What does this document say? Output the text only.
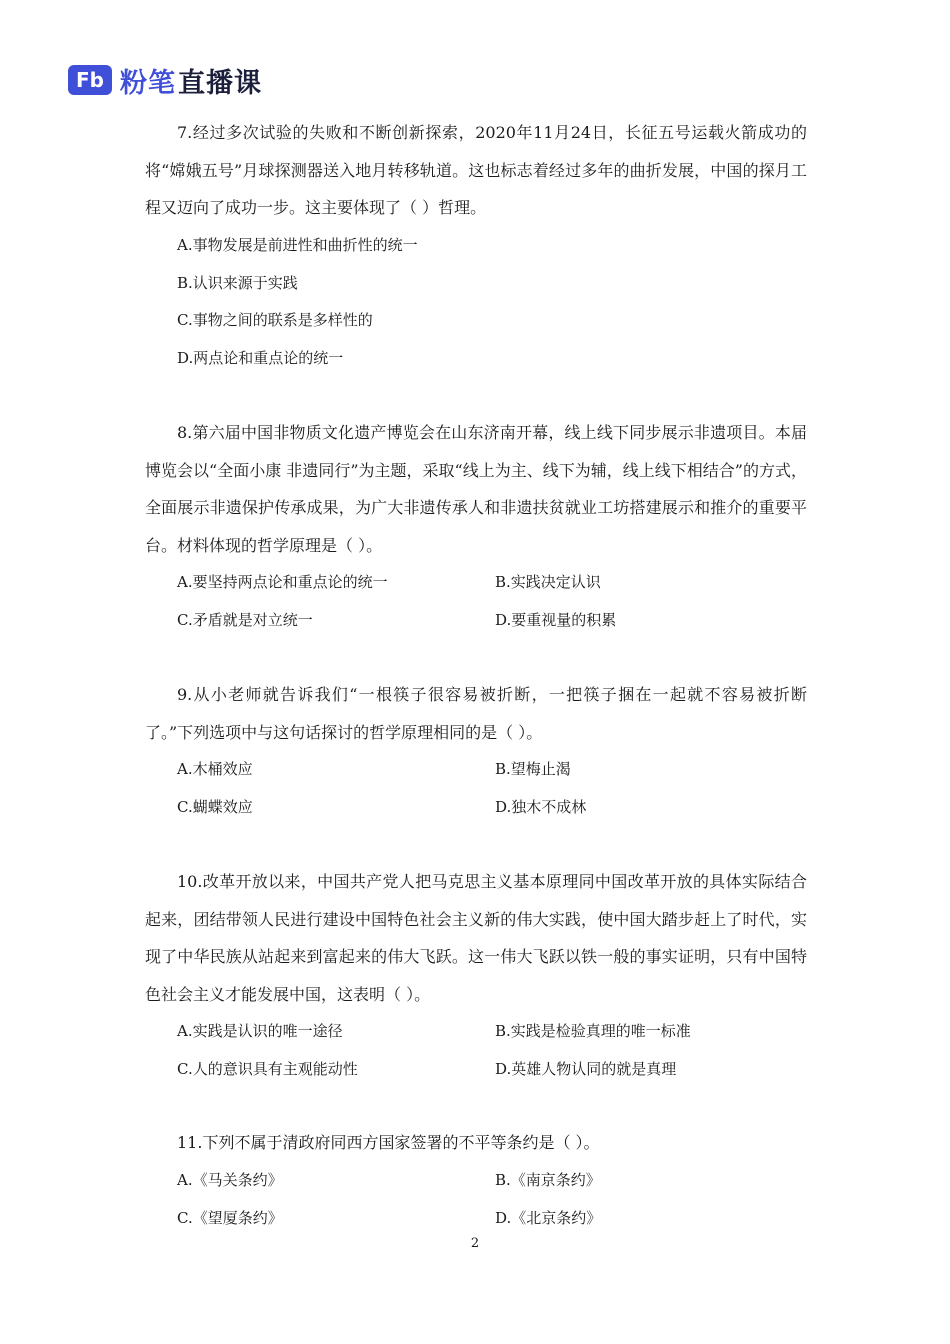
Fb 粉笔 直播课

7.经过多次试验的失败和不断创新探索，2020年11月24日，长征五号运载火箭成功的将“嫦娥五号”月球探测器送入地月转移轨道。这也标志着经过多年的曲折发展，中国的探月工程又迈向了成功一步。这主要体现了（ ）哲理。

A.事物发展是前进性和曲折性的统一
B.认识来源于实践
C.事物之间的联系是多样性的
D.两点论和重点论的统一

8.第六届中国非物质文化遗产博览会在山东济南开幕，线上线下同步展示非遗项目。本届博览会以“全面小康 非遗同行”为主题，采取“线上为主、线下为辅，线上线下相结合”的方式，全面展示非遗保护传承成果，为广大非遗传承人和非遗扶贫就业工坊搭建展示和推介的重要平台。材料体现的哲学原理是（ ）。

A.要坚持两点论和重点论的统一	B.实践决定认识
C.矛盾就是对立统一	D.要重视量的积累

9.从小老师就告诉我们“一根筷子很容易被折断，一把筷子捆在一起就不容易被折断了。”下列选项中与这句话探讨的哲学原理相同的是（ ）。

A.木桶效应	B.望梅止渴
C.蝴蝶效应	D.独木不成林

10.改革开放以来，中国共产党人把马克思主义基本原理同中国改革开放的具体实际结合起来，团结带领人民进行建设中国特色社会主义新的伟大实践，使中国大踏步赶上了时代，实现了中华民族从站起来到富起来的伟大飞跃。这一伟大飞跃以铁一般的事实证明，只有中国特色社会主义才能发展中国，这表明（ ）。

A.实践是认识的唯一途径	B.实践是检验真理的唯一标准
C.人的意识具有主观能动性	D.英雄人物认同的就是真理

11.下列不属于清政府同西方国家签署的不平等条约是（ ）。

A.《马关条约》	B.《南京条约》
C.《望厦条约》	D.《北京条约》
2
